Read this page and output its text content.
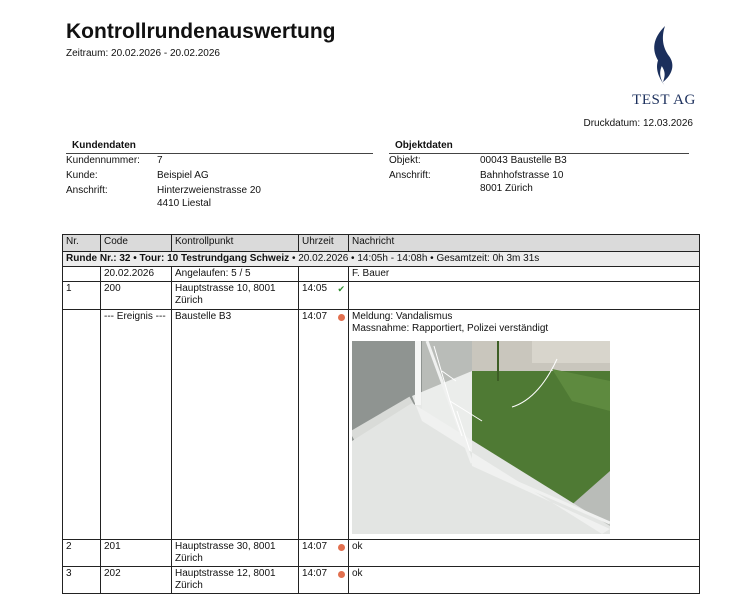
Kontrollrundenauswertung
Zeitraum: 20.02.2026 - 20.02.2026
TEST AG
Druckdatum: 12.03.2026
Kundendaten
Kundennummer: 7
Kunde:	Beispiel AG
Anschrift:	Hinterzweienstrasse 20
4410 Liestal
Objektdaten
Objekt:	00043 Baustelle B3
Anschrift:	Bahnhofstrasse 10
8001 Zürich
Nr.	Code	Kontrollpunkt	Uhrzeit	Nachricht
Runde Nr.: 32 • Tour: 10 Testrundgang Schweiz • 20.02.2026 • 14:05h - 14:08h • Gesamtzeit: 0h 3m 31s				
	20.02.2026	Angelaufen: 5 / 5		F. Bauer
1	200	Hauptstrasse 10, 8001
Zürich	14:05 ✔	

	--- Ereignis ---	Baustelle B3	14:07	Meldung: Vandalismus
Massnahme: Rapportiert, Polizei verständigt

2	201	Hauptstrasse 30, 8001
Zürich	14:07	ok
3	202	Hauptstrasse 12, 8001
Zürich	14:07	ok
